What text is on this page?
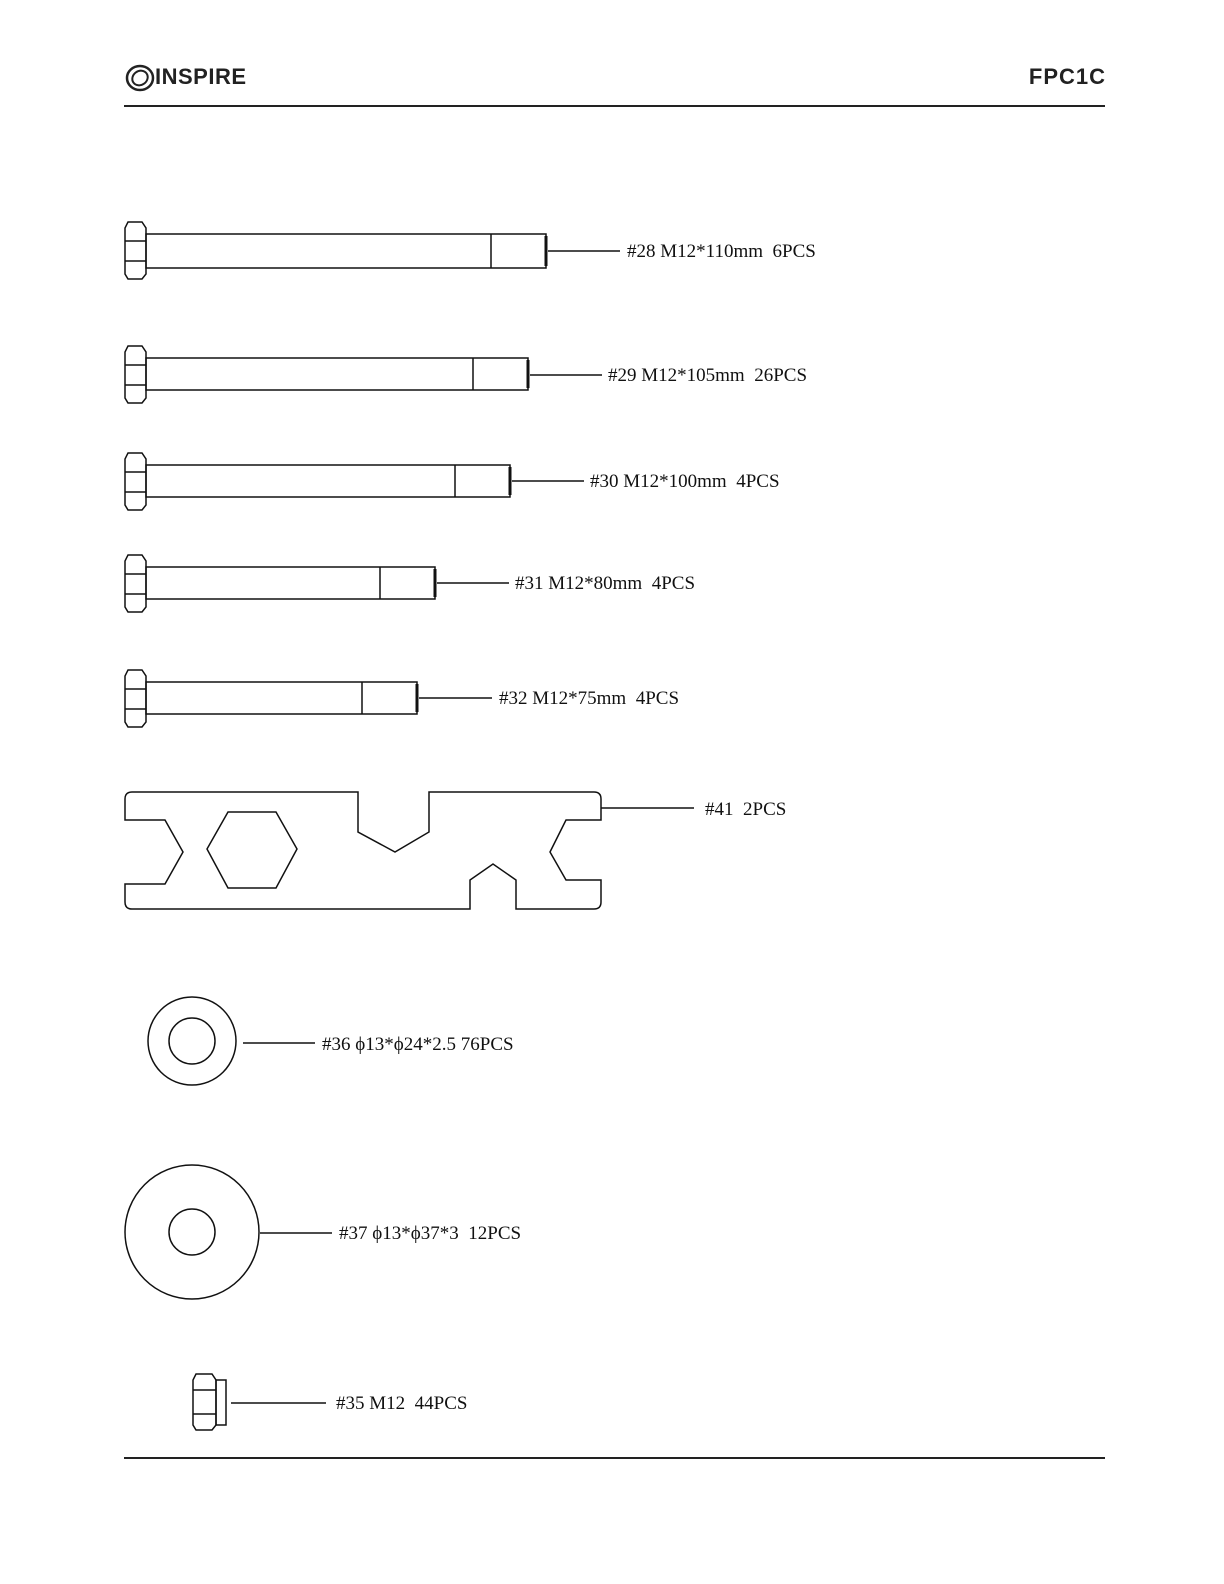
INSPIRE	FPC1C
#28 M12*110mm  6PCS
#29 M12*105mm  26PCS
#30 M12*100mm  4PCS
#31 M12*80mm  4PCS
#32 M12*75mm  4PCS
#41  2PCS
#36 ϕ13*ϕ24*2.5 76PCS
#37 ϕ13*ϕ37*3  12PCS
#35 M12  44PCS
